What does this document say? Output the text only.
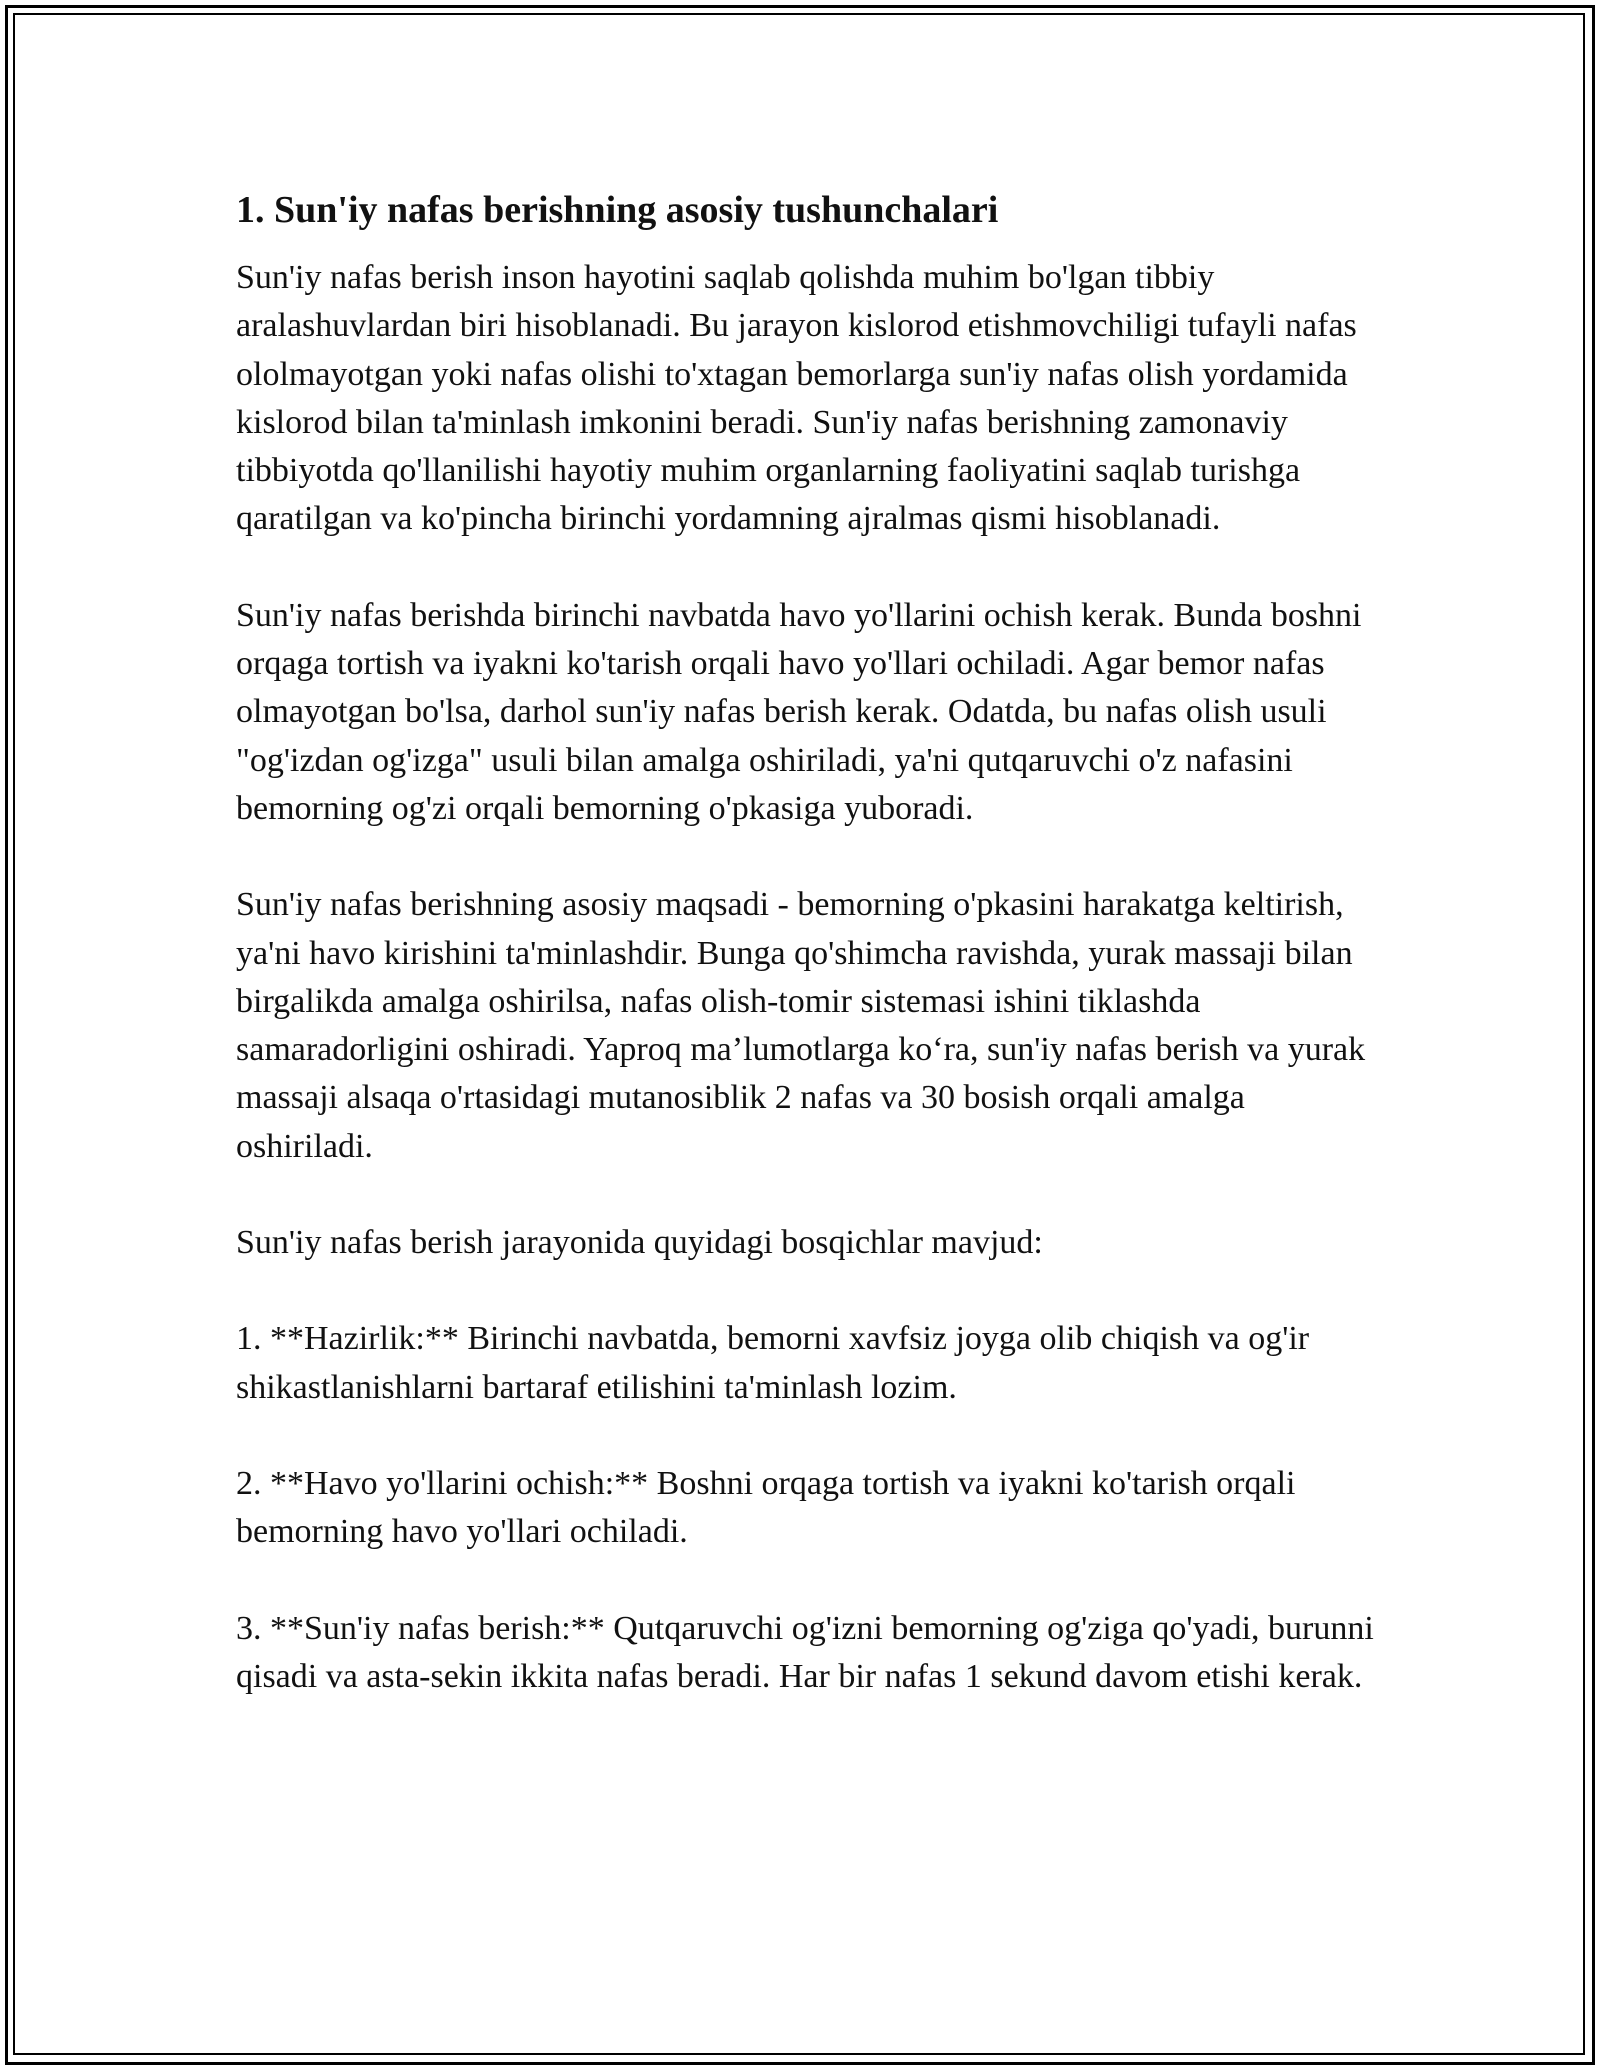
1. Sun'iy nafas berishning asosiy tushunchalari

Sun'iy nafas berish inson hayotini saqlab qolishda muhim bo'lgan tibbiy aralashuvlardan biri hisoblanadi. Bu jarayon kislorod etishmovchiligi tufayli nafas ololmayotgan yoki nafas olishi to'xtagan bemorlarga sun'iy nafas olish yordamida kislorod bilan ta'minlash imkonini beradi. Sun'iy nafas berishning zamonaviy tibbiyotda qo'llanilishi hayotiy muhim organlarning faoliyatini saqlab turishga qaratilgan va ko'pincha birinchi yordamning ajralmas qismi hisoblanadi.

Sun'iy nafas berishda birinchi navbatda havo yo'llarini ochish kerak. Bunda boshni orqaga tortish va iyakni ko'tarish orqali havo yo'llari ochiladi. Agar bemor nafas olmayotgan bo'lsa, darhol sun'iy nafas berish kerak. Odatda, bu nafas olish usuli "og'izdan og'izga" usuli bilan amalga oshiriladi, ya'ni qutqaruvchi o'z nafasini bemorning og'zi orqali bemorning o'pkasiga yuboradi.

Sun'iy nafas berishning asosiy maqsadi - bemorning o'pkasini harakatga keltirish, ya'ni havo kirishini ta'minlashdir. Bunga qo'shimcha ravishda, yurak massaji bilan birgalikda amalga oshirilsa, nafas olish-tomir sistemasi ishini tiklashda samaradorligini oshiradi. Yaproq ma’lumotlarga ko‘ra, sun'iy nafas berish va yurak massaji alsaqa o'rtasidagi mutanosiblik 2 nafas va 30 bosish orqali amalga oshiriladi.

Sun'iy nafas berish jarayonida quyidagi bosqichlar mavjud:

1. **Hazirlik:** Birinchi navbatda, bemorni xavfsiz joyga olib chiqish va og'ir shikastlanishlarni bartaraf etilishini ta'minlash lozim.

2. **Havo yo'llarini ochish:** Boshni orqaga tortish va iyakni ko'tarish orqali bemorning havo yo'llari ochiladi.

3. **Sun'iy nafas berish:** Qutqaruvchi og'izni bemorning og'ziga qo'yadi, burunni qisadi va asta-sekin ikkita nafas beradi. Har bir nafas 1 sekund davom etishi kerak.
